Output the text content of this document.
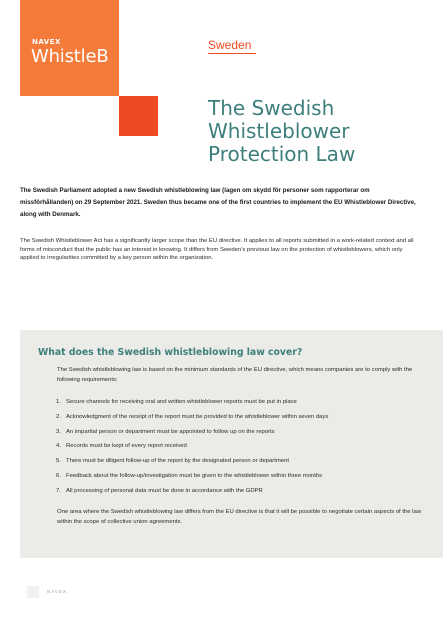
NAVEX
WhistleB
Sweden
The Swedish
Whistleblower
Protection Law

The Swedish Parliament adopted a new Swedish whistleblowing law (lagen om skydd för personer som rapporterar om missförhållanden) on 29 September 2021. Sweden thus became one of the first countries to implement the EU Whistleblower Directive, along with Denmark.

The Swedish Whistleblower Act has a significantly larger scope than the EU directive. It applies to all reports submitted in a work-related context and all forms of misconduct that the public has an interest in knowing. It differs from Sweden's previous law on the protection of whistleblowers, which only applied to irregularities committed by a key person within the organization.

What does the Swedish whistleblowing law cover?

The Swedish whistleblowing law is based on the minimum standards of the EU directive, which means companies are to comply with the following requirements:

1. Secure channels for receiving oral and written whistleblower reports must be put in place
2. Acknowledgment of the receipt of the report must be provided to the whistleblower within seven days
3. An impartial person or department must be appointed to follow up on the reports
4. Records must be kept of every report received
5. There must be diligent follow-up of the report by the designated person or department
6. Feedback about the follow-up/investigation must be given to the whistleblower within three months
7. All processing of personal data must be done in accordance with the GDPR

One area where the Swedish whistleblowing law differs from the EU directive is that it will be possible to negotiate certain aspects of the law within the scope of collective union agreements.

NAVEX
